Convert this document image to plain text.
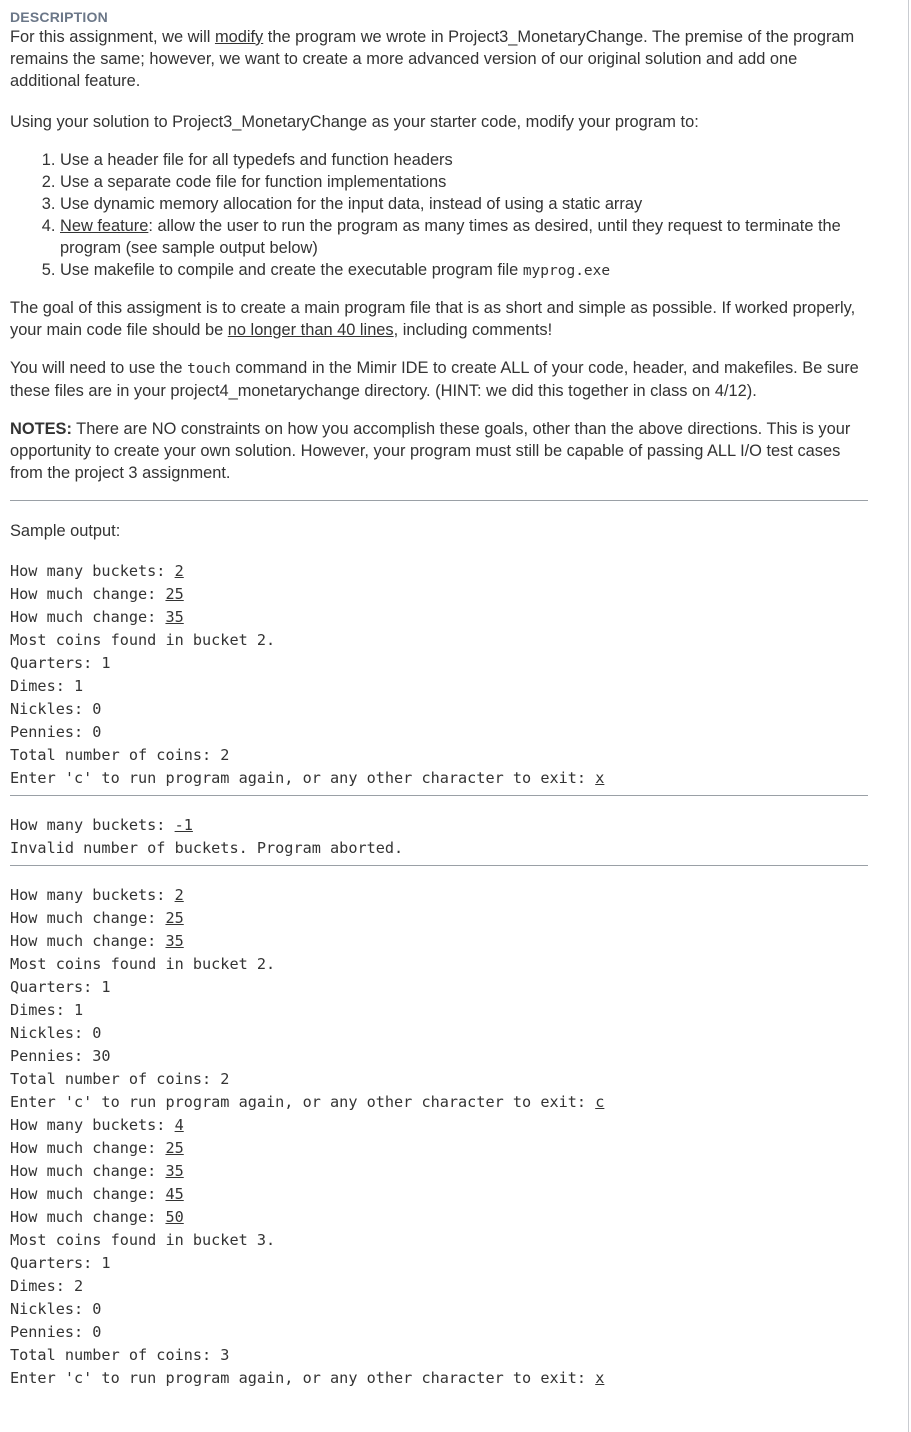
DESCRIPTION

For this assignment, we will modify the program we wrote in Project3_MonetaryChange. The premise of the program remains the same; however, we want to create a more advanced version of our original solution and add one additional feature.

Using your solution to Project3_MonetaryChange as your starter code, modify your program to:

1. Use a header file for all typedefs and function headers
2. Use a separate code file for function implementations
3. Use dynamic memory allocation for the input data, instead of using a static array
4. New feature: allow the user to run the program as many times as desired, until they request to terminate the program (see sample output below)
5. Use makefile to compile and create the executable program file myprog.exe

The goal of this assigment is to create a main program file that is as short and simple as possible. If worked properly, your main code file should be no longer than 40 lines, including comments!

You will need to use the touch command in the Mimir IDE to create ALL of your code, header, and makefiles. Be sure these files are in your project4_monetarychange directory. (HINT: we did this together in class on 4/12).

NOTES: There are NO constraints on how you accomplish these goals, other than the above directions. This is your opportunity to create your own solution. However, your program must still be capable of passing ALL I/O test cases from the project 3 assignment.

Sample output:

How many buckets: 2
How much change: 25
How much change: 35
Most coins found in bucket 2.
Quarters: 1
Dimes: 1
Nickles: 0
Pennies: 0
Total number of coins: 2
Enter 'c' to run program again, or any other character to exit: x
How many buckets: -1
Invalid number of buckets. Program aborted.
How many buckets: 2
How much change: 25
How much change: 35
Most coins found in bucket 2.
Quarters: 1
Dimes: 1
Nickles: 0
Pennies: 30
Total number of coins: 2
Enter 'c' to run program again, or any other character to exit: c
How many buckets: 4
How much change: 25
How much change: 35
How much change: 45
How much change: 50
Most coins found in bucket 3.
Quarters: 1
Dimes: 2
Nickles: 0
Pennies: 0
Total number of coins: 3
Enter 'c' to run program again, or any other character to exit: x
